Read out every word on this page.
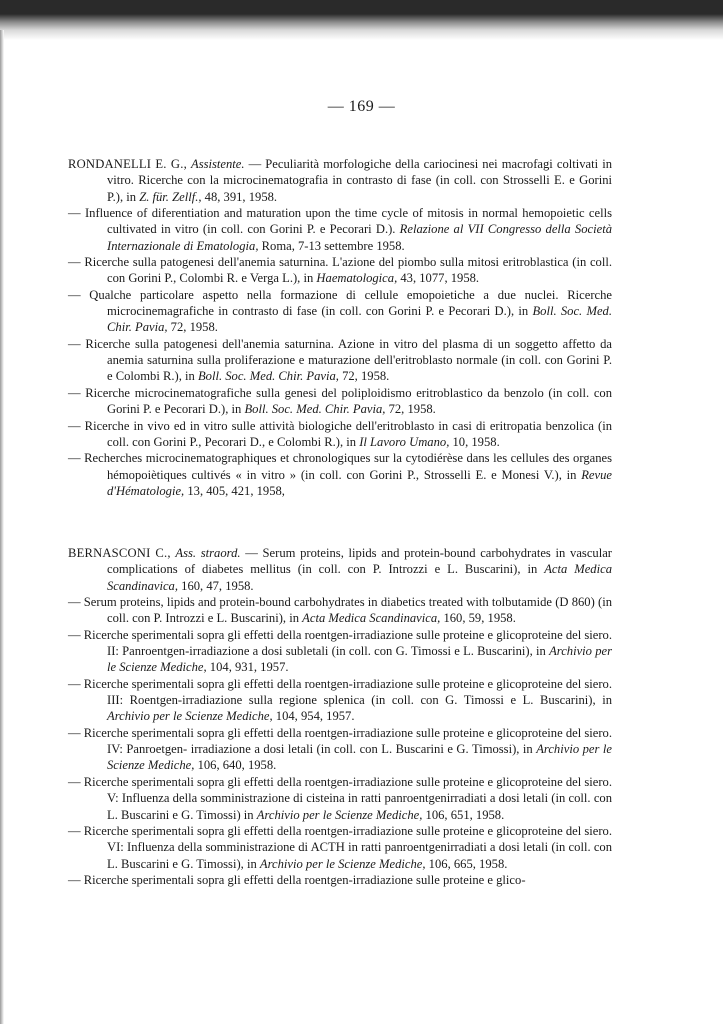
— 169 —

RONDANELLI E. G., Assistente. — Peculiarità morfologiche della cariocinesi nei macrofagi coltivati in vitro. Ricerche con la microcinematografia in contrasto di fase (in coll. con Strosselli E. e Gorini P.), in Z. für. Zellf., 48, 391, 1958.

— Influence of diferentiation and maturation upon the time cycle of mitosis in normal hemopoietic cells cultivated in vitro (in coll. con Gorini P. e Pecorari D.). Relazione al VII Congresso della Società Internazionale di Ematologia, Roma, 7-13 settembre 1958.

— Ricerche sulla patogenesi dell'anemia saturnina. L'azione del piombo sulla mitosi eritroblastica (in coll. con Gorini P., Colombi R. e Verga L.), in Haematologica, 43, 1077, 1958.

— Qualche particolare aspetto nella formazione di cellule emopoietiche a due nuclei. Ricerche microcinemagrafiche in contrasto di fase (in coll. con Gorini P. e Pecorari D.), in Boll. Soc. Med. Chir. Pavia, 72, 1958.

— Ricerche sulla patogenesi dell'anemia saturnina. Azione in vitro del plasma di un soggetto affetto da anemia saturnina sulla proliferazione e maturazione dell'eritroblasto normale (in coll. con Gorini P. e Colombi R.), in Boll. Soc. Med. Chir. Pavia, 72, 1958.

— Ricerche microcinematografiche sulla genesi del poliploidismo eritroblastico da benzolo (in coll. con Gorini P. e Pecorari D.), in Boll. Soc. Med. Chir. Pavia, 72, 1958.

— Ricerche in vivo ed in vitro sulle attività biologiche dell'eritroblasto in casi di eritropatia benzolica (in coll. con Gorini P., Pecorari D., e Colombi R.), in Il Lavoro Umano, 10, 1958.

— Recherches microcinematographiques et chronologiques sur la cytodiérèse dans les cellules des organes hémopoiètiques cultivés « in vitro » (in coll. con Gorini P., Strosselli E. e Monesi V.), in Revue d'Hématologie, 13, 405, 421, 1958,

BERNASCONI C., Ass. straord. — Serum proteins, lipids and protein-bound carbohydrates in vascular complications of diabetes mellitus (in coll. con P. Introzzi e L. Buscarini), in Acta Medica Scandinavica, 160, 47, 1958.

— Serum proteins, lipids and protein-bound carbohydrates in diabetics treated with tolbutamide (D 860) (in coll. con P. Introzzi e L. Buscarini), in Acta Medica Scandinavica, 160, 59, 1958.

— Ricerche sperimentali sopra gli effetti della roentgen-irradiazione sulle proteine e glicoproteine del siero. II: Panroentgen-irradiazione a dosi subletali (in coll. con G. Timossi e L. Buscarini), in Archivio per le Scienze Mediche, 104, 931, 1957.

— Ricerche sperimentali sopra gli effetti della roentgen-irradiazione sulle proteine e glicoproteine del siero. III: Roentgen-irradiazione sulla regione splenica (in coll. con G. Timossi e L. Buscarini), in Archivio per le Scienze Mediche, 104, 954, 1957.

— Ricerche sperimentali sopra gli effetti della roentgen-irradiazione sulle proteine e glicoproteine del siero. IV: Panroetgen- irradiazione a dosi letali (in coll. con L. Buscarini e G. Timossi), in Archivio per le Scienze Mediche, 106, 640, 1958.

— Ricerche sperimentali sopra gli effetti della roentgen-irradiazione sulle proteine e glicoproteine del siero. V: Influenza della somministrazione di cisteina in ratti panroentgenirradiati a dosi letali (in coll. con L. Buscarini e G. Timossi) in Archivio per le Scienze Mediche, 106, 651, 1958.

— Ricerche sperimentali sopra gli effetti della roentgen-irradiazione sulle proteine e glicoproteine del siero. VI: Influenza della somministrazione di ACTH in ratti panroentgenirradiati a dosi letali (in coll. con L. Buscarini e G. Timossi), in Archivio per le Scienze Mediche, 106, 665, 1958.

— Ricerche sperimentali sopra gli effetti della roentgen-irradiazione sulle proteine e glico-
